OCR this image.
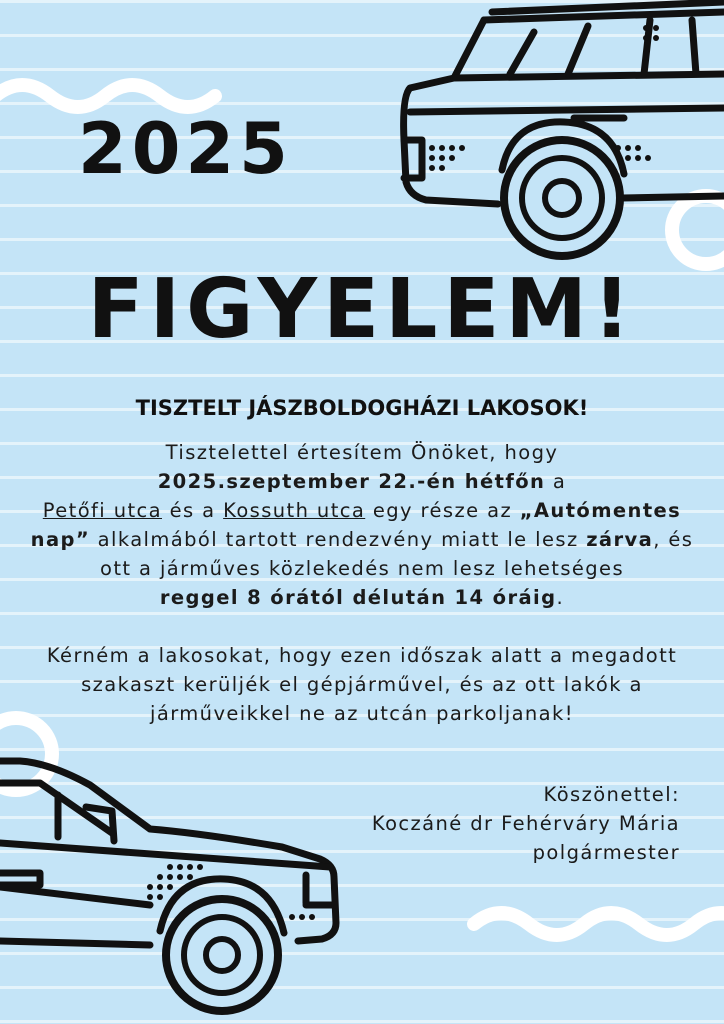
2025
FIGYELEM!
TISZTELT JÁSZBOLDOGHÁZI LAKOSOK!

Tisztelettel értesítem Önöket, hogy
2025.szeptember 22.-én hétfőn a
Petőfi utca és a Kossuth utca egy része az „Autómentes nap” alkalmából tartott rendezvény miatt le lesz zárva, és ott a járműves közlekedés nem lesz lehetséges
reggel 8 órától délután 14 óráig.

Kérném a lakosokat, hogy ezen időszak alatt a megadott szakaszt kerüljék el gépjárművel, és az ott lakók a járműveikkel ne az utcán parkoljanak!

Köszönettel:
Koczáné dr Fehérváry Mária
polgármester
